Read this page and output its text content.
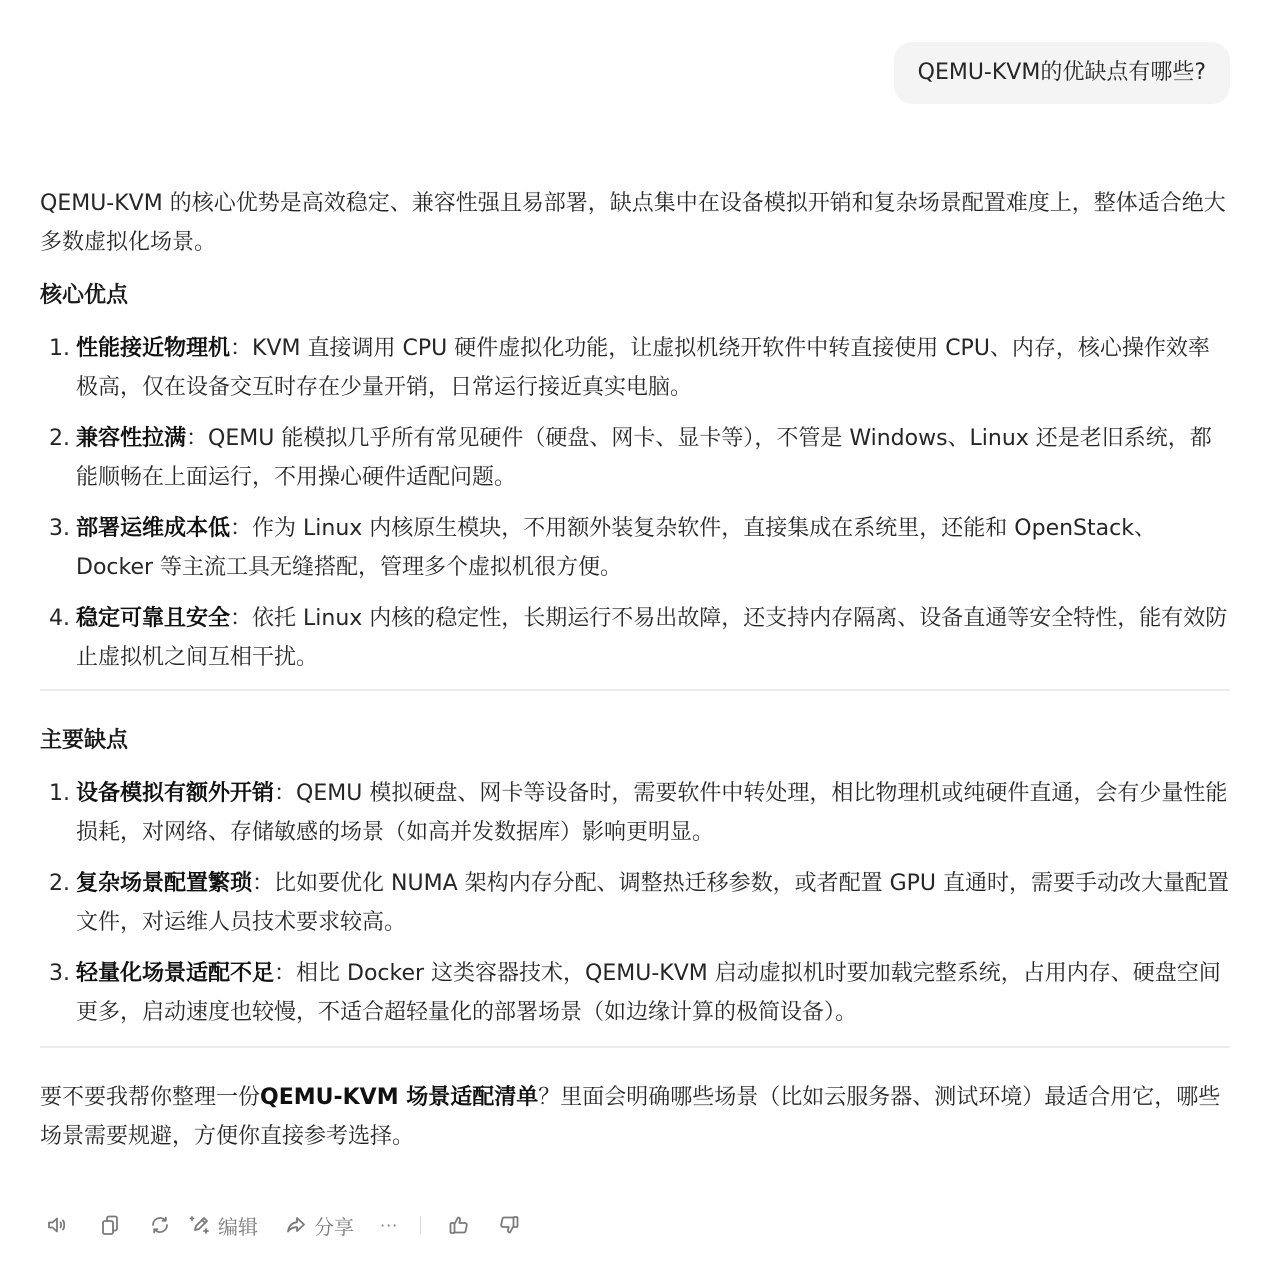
QEMU-KVM的优缺点有哪些?

QEMU-KVM 的核心优势是高效稳定、兼容性强且易部署，缺点集中在设备模拟开销和复杂场景配置难度上，整体适合绝大多数虚拟化场景。

核心优点
1. 性能接近物理机：KVM 直接调用 CPU 硬件虚拟化功能，让虚拟机绕开软件中转直接使用 CPU、内存，核心操作效率极高，仅在设备交互时存在少量开销，日常运行接近真实电脑。
2. 兼容性拉满：QEMU 能模拟几乎所有常见硬件（硬盘、网卡、显卡等），不管是 Windows、Linux 还是老旧系统，都能顺畅在上面运行，不用操心硬件适配问题。
3. 部署运维成本低：作为 Linux 内核原生模块，不用额外装复杂软件，直接集成在系统里，还能和 OpenStack、Docker 等主流工具无缝搭配，管理多个虚拟机很方便。
4. 稳定可靠且安全：依托 Linux 内核的稳定性，长期运行不易出故障，还支持内存隔离、设备直通等安全特性，能有效防止虚拟机之间互相干扰。
主要缺点
1. 设备模拟有额外开销：QEMU 模拟硬盘、网卡等设备时，需要软件中转处理，相比物理机或纯硬件直通，会有少量性能损耗，对网络、存储敏感的场景（如高并发数据库）影响更明显。
2. 复杂场景配置繁琐：比如要优化 NUMA 架构内存分配、调整热迁移参数，或者配置 GPU 直通时，需要手动改大量配置文件，对运维人员技术要求较高。
3. 轻量化场景适配不足：相比 Docker 这类容器技术，QEMU-KVM 启动虚拟机时要加载完整系统，占用内存、硬盘空间更多，启动速度也较慢，不适合超轻量化的部署场景（如边缘计算的极简设备）。

要不要我帮你整理一份QEMU-KVM 场景适配清单？里面会明确哪些场景（比如云服务器、测试环境）最适合用它，哪些场景需要规避，方便你直接参考选择。

编辑	分享 ···
